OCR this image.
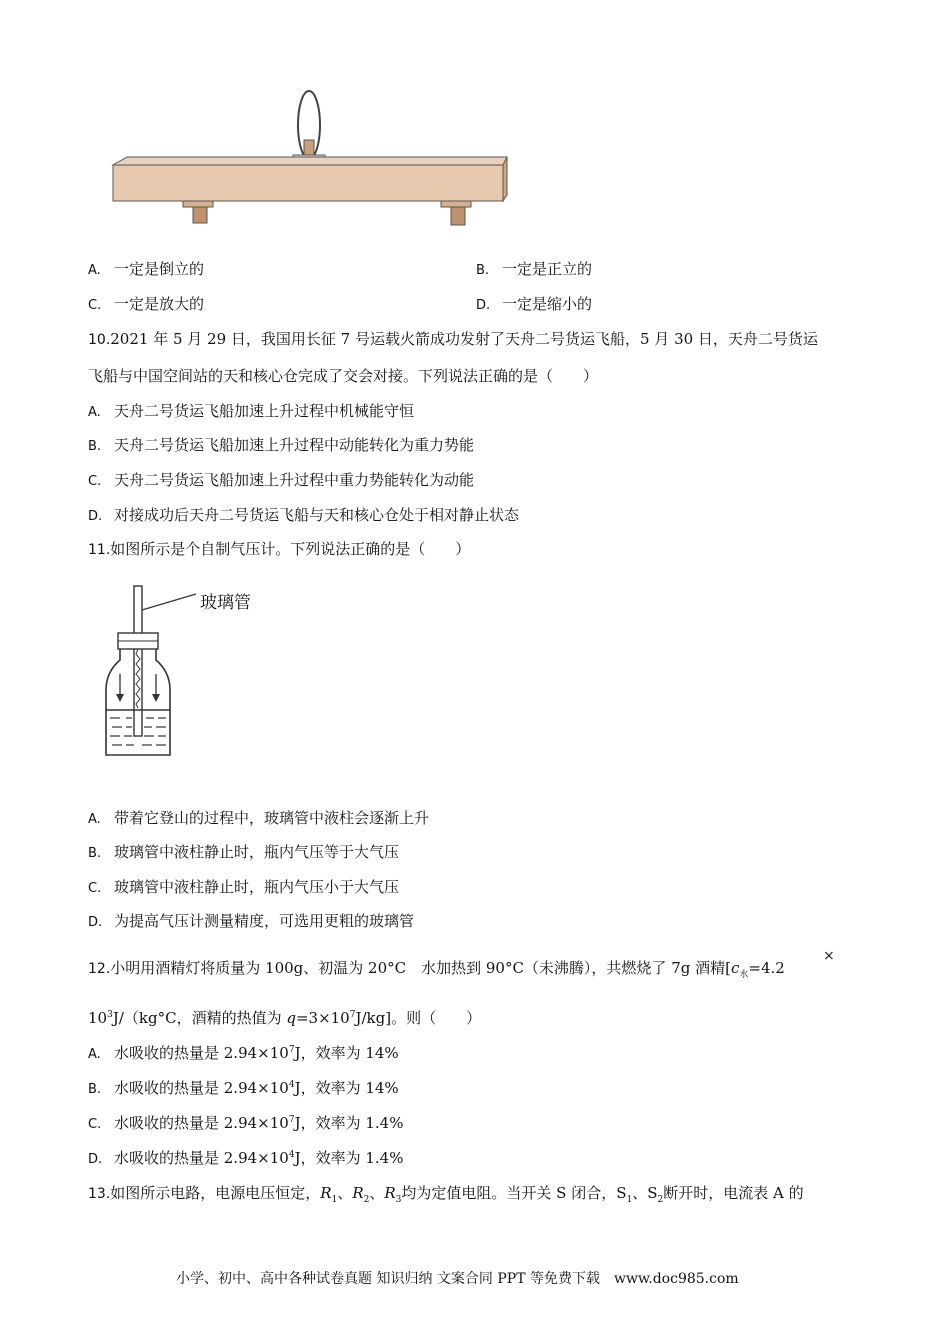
A. 一定是倒立的	B. 一定是正立的
C. 一定是放大的	D. 一定是缩小的
10.2021 年 5 月 29 日，我国用长征 7 号运载火箭成功发射了天舟二号货运飞船，5 月 30 日，天舟二号货运
飞船与中国空间站的天和核心仓完成了交会对接。下列说法正确的是（　　）
A. 天舟二号货运飞船加速上升过程中机械能守恒
B. 天舟二号货运飞船加速上升过程中动能转化为重力势能
C. 天舟二号货运飞船加速上升过程中重力势能转化为动能
D. 对接成功后天舟二号货运飞船与天和核心仓处于相对静止状态
11.如图所示是个自制气压计。下列说法正确的是（　　）
玻璃管
A. 带着它登山的过程中，玻璃管中液柱会逐渐上升
B. 玻璃管中液柱静止时，瓶内气压等于大气压
C. 玻璃管中液柱静止时，瓶内气压小于大气压
D. 为提高气压计测量精度，可选用更粗的玻璃管
12.小明用酒精灯将质量为 100g、初温为 20°C　水加热到 90°C（未沸腾），共燃烧了 7g 酒精[$c_水=4.2$
×
$10^3J/(kg^\circ C$，酒精的热值为 $q=3\times 10^7J/kg$]。则（　　）
A. 水吸收的热量是 $2.94\times 10^7J$，效率为 14%
B. 水吸收的热量是 $2.94\times 10^4J$，效率为 14%
C. 水吸收的热量是 $2.94\times 10^7J$，效率为 1.4%
D. 水吸收的热量是 $2.94\times 10^4J$，效率为 1.4%
13.如图所示电路，电源电压恒定，$R_1$、$R_2$、$R_3$均为定值电阻。当开关 S 闭合，$S_1$、$S_2$断开时，电流表 A 的
小学、初中、高中各种试卷真题 知识归纳 文案合同 PPT 等免费下载　www.doc985.com
